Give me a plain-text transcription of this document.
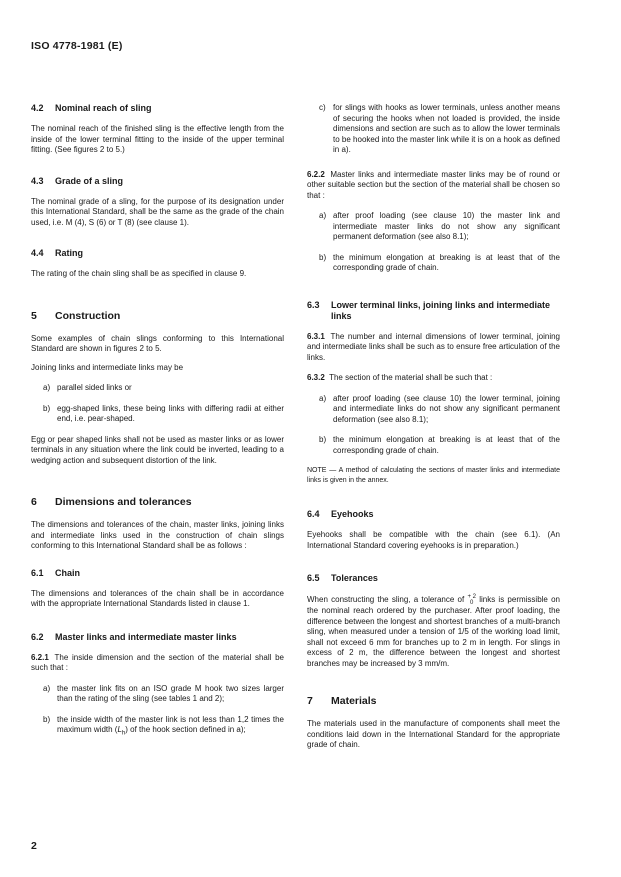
ISO 4778-1981 (E)
4.2 Nominal reach of sling

The nominal reach of the finished sling is the effective length from the inside of the lower terminal fitting to the inside of the upper terminal fitting. (See figures 2 to 5.)

4.3 Grade of a sling

The nominal grade of a sling, for the purpose of its designation under this International Standard, shall be the same as the grade of the chain used, i.e. M (4), S (6) or T (8) (see clause 1).

4.4 Rating

The rating of the chain sling shall be as specified in clause 9.

5 Construction

Some examples of chain slings conforming to this International Standard are shown in figures 2 to 5.

Joining links and intermediate links may be

a) parallel sided links or
b) egg-shaped links, these being links with differing radii at either end, i.e. pear-shaped.

Egg or pear shaped links shall not be used as master links or as lower terminals in any situation where the link could be inverted, leading to a wedging action and subsequent distortion of the link.

6 Dimensions and tolerances

The dimensions and tolerances of the chain, master links, joining links and intermediate links used in the construction of chain slings conforming to this International Standard shall be as follows :

6.1 Chain

The dimensions and tolerances of the chain shall be in accordance with the appropriate International Standards listed in clause 1.

6.2 Master links and intermediate master links

6.2.1 The inside dimension and the section of the material shall be such that :

a) the master link fits on an ISO grade M hook two sizes larger than the rating of the sling (see tables 1 and 2);
b) the inside width of the master link is not less than 1,2 times the maximum width $(L_h)$ of the hook section defined in a);
c) for slings with hooks as lower terminals, unless another means of securing the hooks when not loaded is provided, the inside dimensions and section are such as to allow the lower terminals to be hooked into the master link while it is on a hook as defined in a).

6.2.2 Master links and intermediate master links may be of round or other suitable section but the section of the material shall be chosen so that :

a) after proof loading (see clause 10) the master link and intermediate master links do not show any significant permanent deformation (see also 8.1);
b) the minimum elongation at breaking is at least that of the corresponding grade of chain.
6.3	Lower terminal links, joining links and intermediate links

6.3.1 The number and internal dimensions of lower terminal, joining and intermediate links shall be such as to ensure free articulation of the links.

6.3.2 The section of the material shall be such that :

a) after proof loading (see clause 10) the lower terminal, joining and intermediate links do not show any significant permanent deformation (see also 8.1);
b) the minimum elongation at breaking is at least that of the corresponding grade of chain.
NOTE — A method of calculating the sections of master links and intermediate links is given in the annex.
6.4 Eyehooks

Eyehooks shall be compatible with the chain (see 6.1). (An International Standard covering eyehooks is in preparation.)

6.5 Tolerances

When constructing the sling, a tolerance of + 2
0 links is permissible on the nominal reach ordered by the purchaser. After proof loading, the difference between the longest and shortest branches of a multi-branch sling, when measured under a tension of 1/5 of the working load limit, shall not exceed 6 mm for branches up to 2 m in length. For slings in excess of 2 m, the difference between the longest and shortest branches may be increased by 3 mm/m.

7 Materials

The materials used in the manufacture of components shall meet the conditions laid down in the International Standard for the appropriate grade of chain.

2
